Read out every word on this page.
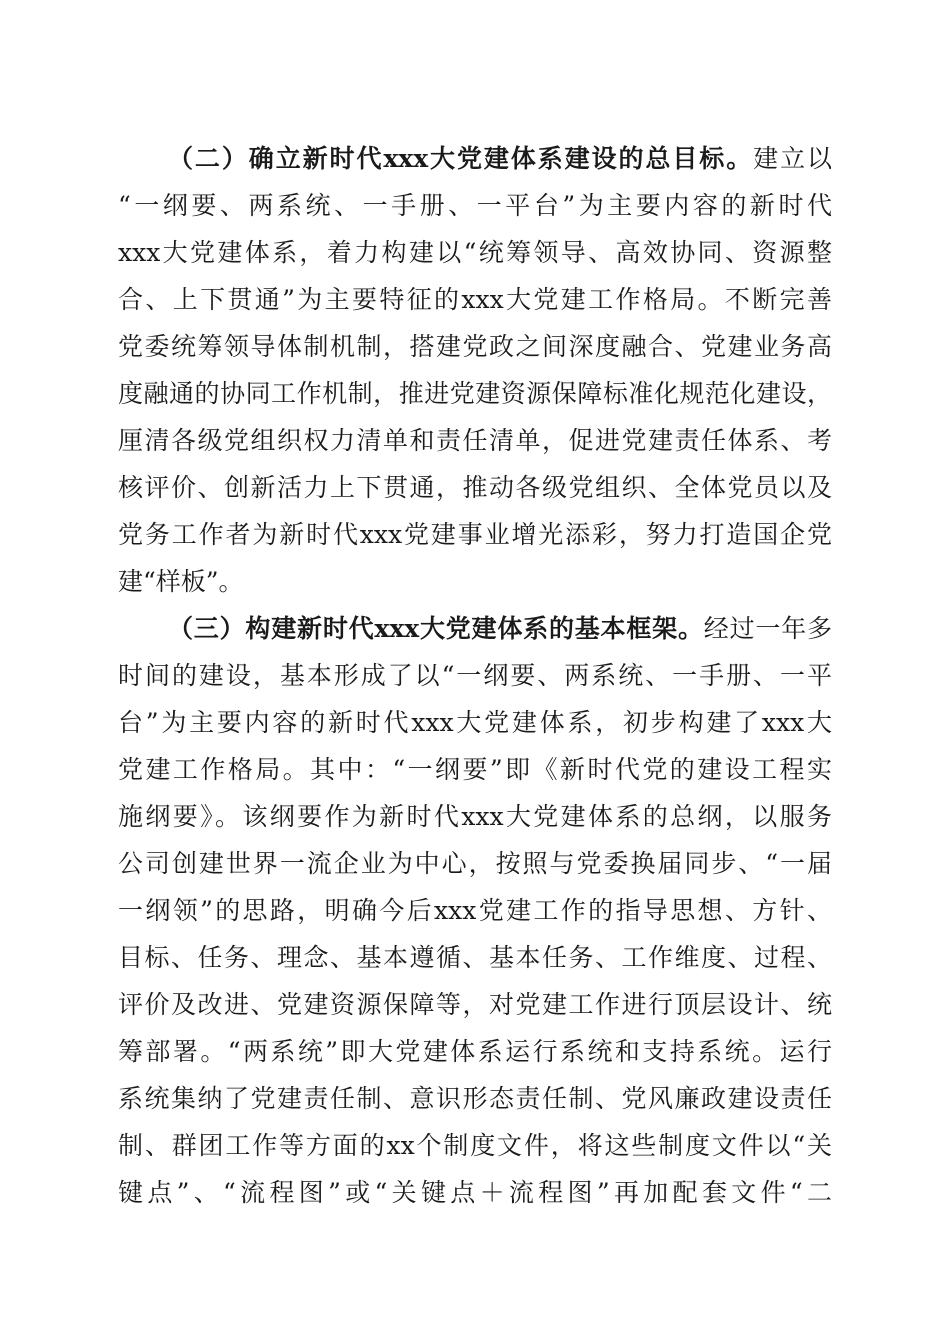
（二）确立新时代xxx大党建体系建设的总目标。建立以
“一纲要、两系统、一手册、一平台”为主要内容的新时代
xxx大党建体系，着力构建以“统筹领导、高效协同、资源整
合、上下贯通”为主要特征的xxx大党建工作格局。不断完善
党委统筹领导体制机制，搭建党政之间深度融合、党建业务高
度融通的协同工作机制，推进党建资源保障标准化规范化建设，
厘清各级党组织权力清单和责任清单，促进党建责任体系、考
核评价、创新活力上下贯通，推动各级党组织、全体党员以及
党务工作者为新时代xxx党建事业增光添彩，努力打造国企党
建“样板”。
（三）构建新时代xxx大党建体系的基本框架。经过一年多
时间的建设，基本形成了以“一纲要、两系统、一手册、一平
台”为主要内容的新时代xxx大党建体系，初步构建了xxx大
党建工作格局。其中：“一纲要”即《新时代党的建设工程实
施纲要》。该纲要作为新时代xxx大党建体系的总纲，以服务
公司创建世界一流企业为中心，按照与党委换届同步、“一届
一纲领”的思路，明确今后xxx党建工作的指导思想、方针、
目标、任务、理念、基本遵循、基本任务、工作维度、过程、
评价及改进、党建资源保障等，对党建工作进行顶层设计、统
筹部署。“两系统”即大党建体系运行系统和支持系统。运行
系统集纳了党建责任制、意识形态责任制、党风廉政建设责任
制、群团工作等方面的xx个制度文件，将这些制度文件以“关
键点”、“流程图”或“关键点＋流程图”再加配套文件“二
